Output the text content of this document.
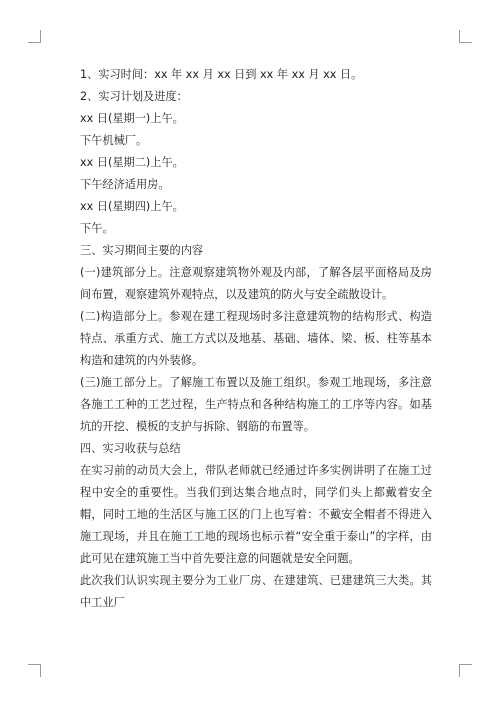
1、实习时间：xx 年 xx 月 xx 日到 xx 年 xx 月 xx 日。

2、实习计划及进度：

xx 日(星期一)上午。

下午机械厂。

xx 日(星期二)上午。

下午经济适用房。

xx 日(星期四)上午。

下午。

三、实习期间主要的内容

(一)建筑部分上。注意观察建筑物外观及内部，了解各层平面格局及房间布置，观察建筑外观特点，以及建筑的防火与安全疏散设计。

(二)构造部分上。参观在建工程现场时多注意建筑物的结构形式、构造特点、承重方式、施工方式以及地基、基础、墙体、梁、板、柱等基本构造和建筑的内外装修。

(三)施工部分上。了解施工布置以及施工组织。参观工地现场，多注意各施工工种的工艺过程，生产特点和各种结构施工的工序等内容。如基坑的开挖、模板的支护与拆除、钢筋的布置等。

四、实习收获与总结

在实习前的动员大会上，带队老师就已经通过许多实例讲明了在施工过程中安全的重要性。当我们到达集合地点时，同学们头上都戴着安全帽，同时工地的生活区与施工区的门上也写着：不戴安全帽者不得进入施工现场，并且在施工工地的现场也标示着“安全重于泰山”的字样，由此可见在建筑施工当中首先要注意的问题就是安全问题。

此次我们认识实现主要分为工业厂房、在建建筑、已建建筑三大类。其中工业厂
